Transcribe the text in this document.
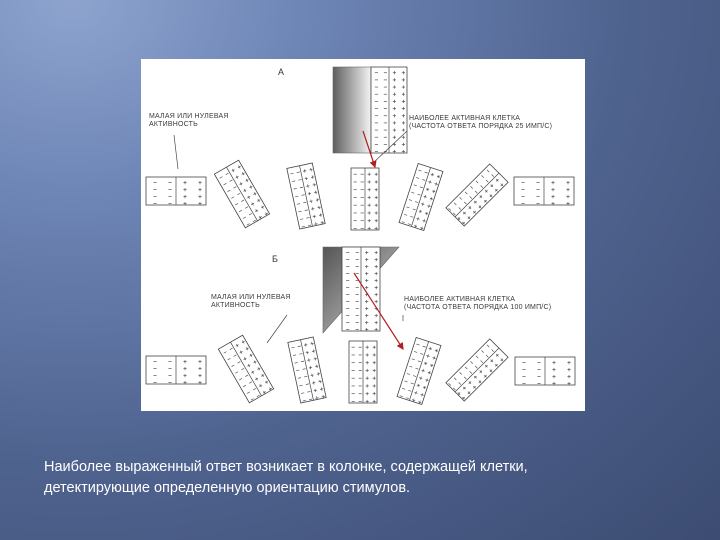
А
МАЛАЯ ИЛИ НУЛЕВАЯ
АКТИВНОСТЬ
НАИБОЛЕЕ АКТИВНАЯ КЛЕТКА
(ЧАСТОТА ОТВЕТА ПОРЯДКА 25 ИМП/С)
Б
МАЛАЯ ИЛИ НУЛЕВАЯ
АКТИВНОСТЬ
НАИБОЛЕЕ АКТИВНАЯ КЛЕТКА
(ЧАСТОТА ОТВЕТА ПОРЯДКА 100 ИМП/С)
Наиболее выраженный ответ возникает в колонке, содержащей клетки,
детектирующие определенную ориентацию стимулов.
